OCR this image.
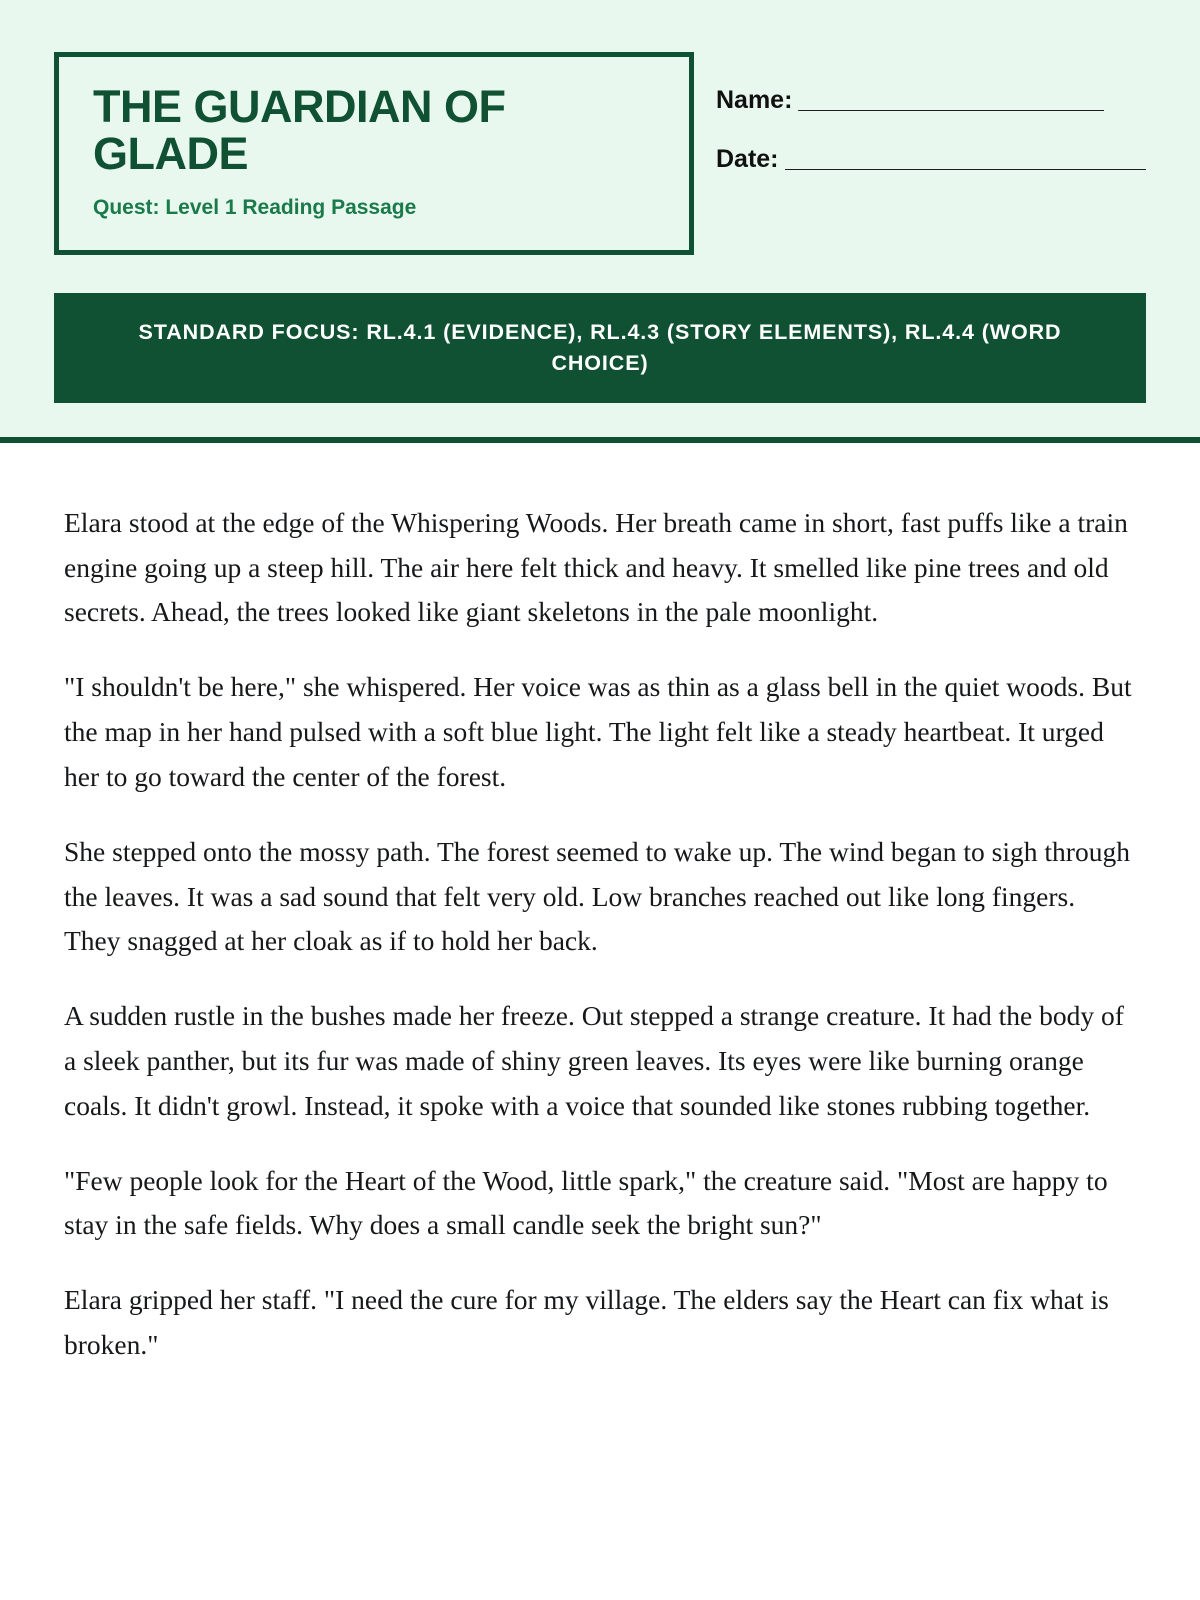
THE GUARDIAN OF GLADE

Quest: Level 1 Reading Passage

Name: ______________________
Date: __________________________
STANDARD FOCUS: RL.4.1 (EVIDENCE), RL.4.3 (STORY ELEMENTS), RL.4.4 (WORD CHOICE)

Elara stood at the edge of the Whispering Woods. Her breath came in short, fast puffs like a train engine going up a steep hill. The air here felt thick and heavy. It smelled like pine trees and old secrets. Ahead, the trees looked like giant skeletons in the pale moonlight.

"I shouldn't be here," she whispered. Her voice was as thin as a glass bell in the quiet woods. But the map in her hand pulsed with a soft blue light. The light felt like a steady heartbeat. It urged her to go toward the center of the forest.

She stepped onto the mossy path. The forest seemed to wake up. The wind began to sigh through the leaves. It was a sad sound that felt very old. Low branches reached out like long fingers. They snagged at her cloak as if to hold her back.

A sudden rustle in the bushes made her freeze. Out stepped a strange creature. It had the body of a sleek panther, but its fur was made of shiny green leaves. Its eyes were like burning orange coals. It didn't growl. Instead, it spoke with a voice that sounded like stones rubbing together.

"Few people look for the Heart of the Wood, little spark," the creature said. "Most are happy to stay in the safe fields. Why does a small candle seek the bright sun?"

Elara gripped her staff. "I need the cure for my village. The elders say the Heart can fix what is broken."
